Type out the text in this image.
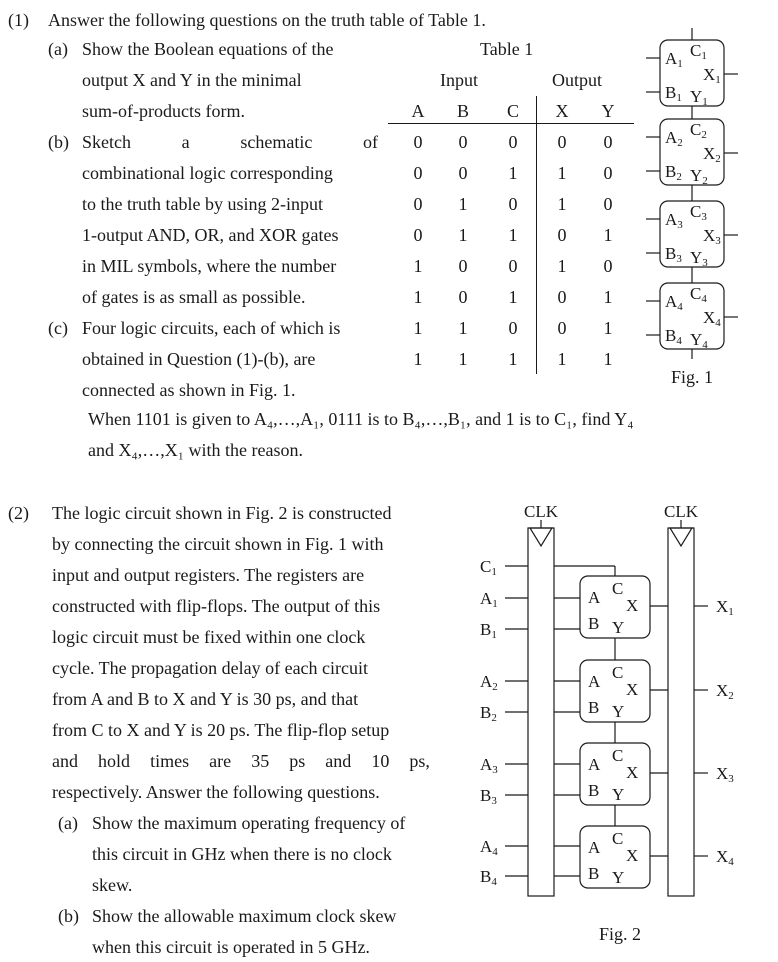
(1) Answer the following questions on the truth table of Table 1.
(a) Show the Boolean equations of the
output X and Y in the minimal
sum-of-products form.
(b) Sketch	a	schematic	of
combinational logic corresponding
to the truth table by using 2-input
1-output AND, OR, and XOR gates
in MIL symbols, where the number
of gates is as small as possible.
(c) Four logic circuits, each of which is
obtained in Question (1)-(b), are
connected as shown in Fig. 1.
When 1101 is given to A₄,…,A₁, 0111 is to B₄,…,B₁, and 1 is to C₁, find Y₄
and X₄,…,X₁ with the reason.
Table 1
Input	Output
A B C X Y
0	0	0	0	0
0	0	1	1	0
0	1	0	1	0
0	1	1	0	1
1	0	0	1	0
1	0	1	0	1
1	1	0	0	1
1	1	1	1	1
(2) The logic circuit shown in Fig. 2 is constructed
by connecting the circuit shown in Fig. 1 with
input and output registers. The registers are
constructed with flip-flops. The output of this
logic circuit must be fixed within one clock
cycle. The propagation delay of each circuit
from A and B to X and Y is 30 ps, and that
from C to X and Y is 20 ps. The flip-flop setup
and hold times are 35 ps and 10 ps,
respectively. Answer the following questions.
(a) Show the maximum operating frequency of
this circuit in GHz when there is no clock
skew.
(b) Show the allowable maximum clock skew
when this circuit is operated in 5 GHz.
A1
C1
X1
B1 Y1
A2
C2
X2
B2 Y2
A3
C3
X3
B3 Y3
A4
C4
X4
B4 Y4
Fig. 1
CLK	CLK
C1
A1
B1
A2
B2
A3
B3
A4
B4
A C
X
B Y
A C
X
B Y
A C
X
B Y
A C
X
B Y
X1
X2
X3
X4
Fig. 2
